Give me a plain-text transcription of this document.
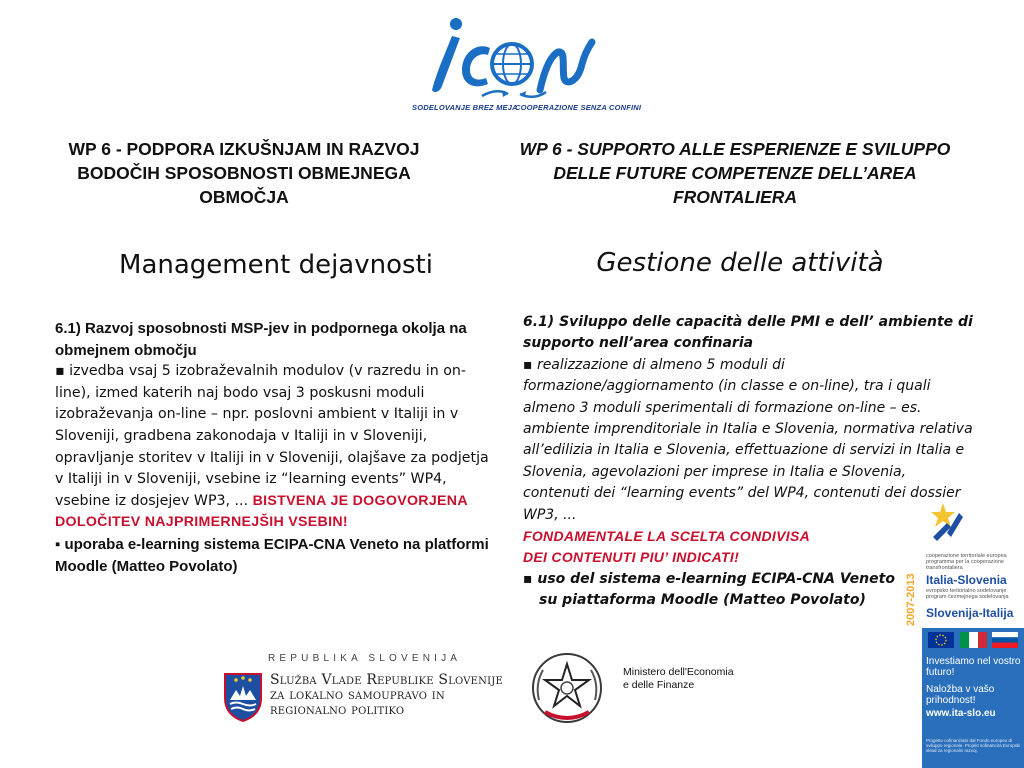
SODELOVANJE BREZ MEJA
COOPERAZIONE SENZA CONFINI
WP 6 - PODPORA IZKUŠNJAM IN RAZVOJ BODOČIH SPOSOBNOSTI OBMEJNEGA OBMOČJA
WP 6 - SUPPORTO ALLE ESPERIENZE E SVILUPPO DELLE FUTURE COMPETENZE DELL’AREA FRONTALIERA
Management dejavnosti	Gestione delle attività

6.1) Razvoj sposobnosti MSP-jev in podpornega okolja na obmejnem območju

▪ izvedba vsaj 5 izobraževalnih modulov (v razredu in on-line), izmed katerih naj bodo vsaj 3 poskusni moduli izobraževanja on-line – npr. poslovni ambient v Italiji in v Sloveniji, gradbena zakonodaja v Italiji in v Sloveniji, opravljanje storitev v Italiji in v Sloveniji, olajšave za podjetja v Italiji in v Sloveniji, vsebine iz “learning events” WP4, vsebine iz dosjejev WP3, ... BISTVENA JE DOGOVORJENA DOLOČITEV NAJPRIMERNEJŠIH VSEBIN!

▪ uporaba e-learning sistema ECIPA-CNA Veneto na platformi Moodle (Matteo Povolato)

6.1) Sviluppo delle capacità delle PMI e dell’ ambiente di supporto nell’area confinaria

▪ realizzazione di almeno 5 moduli di formazione/aggiornamento (in classe e on-line), tra i quali almeno 3 moduli sperimentali di formazione on-line – es. ambiente imprenditoriale in Italia e Slovenia, normativa relativa all’edilizia in Italia e Slovenia, effettuazione di servizi in Italia e Slovenia, agevolazioni per imprese in Italia e Slovenia, contenuti dei “learning events” del WP4, contenuti dei dossier WP3, ...

FONDAMENTALE LA SCELTA CONDIVISA

DEI CONTENUTI PIU’ INDICATI!

▪ uso del sistema e-learning ECIPA-CNA Veneto

su piattaforma Moodle (Matteo Povolato)

REPUBLIKA SLOVENIJA
Služba Vlade Republike Slovenije
za lokalno samoupravo in
regionalno politiko
Ministero dell'Economia
e delle Finanze
2007-2013
cooperazione territoriale europea programma per la cooperazione transfrontaliera
Italia-Slovenia
evropsko teritorialno sodelovanje program čezmejnega sodelovanja
Slovenija-Italija
Investiamo nel vostro futuro!
Naložba v vašo prihodnost!
www.ita-slo.eu
Progetto cofinanziato dal Fondo europeo di sviluppo regionale. Projekt sofinancira Evropski sklad za regionalni razvoj.
